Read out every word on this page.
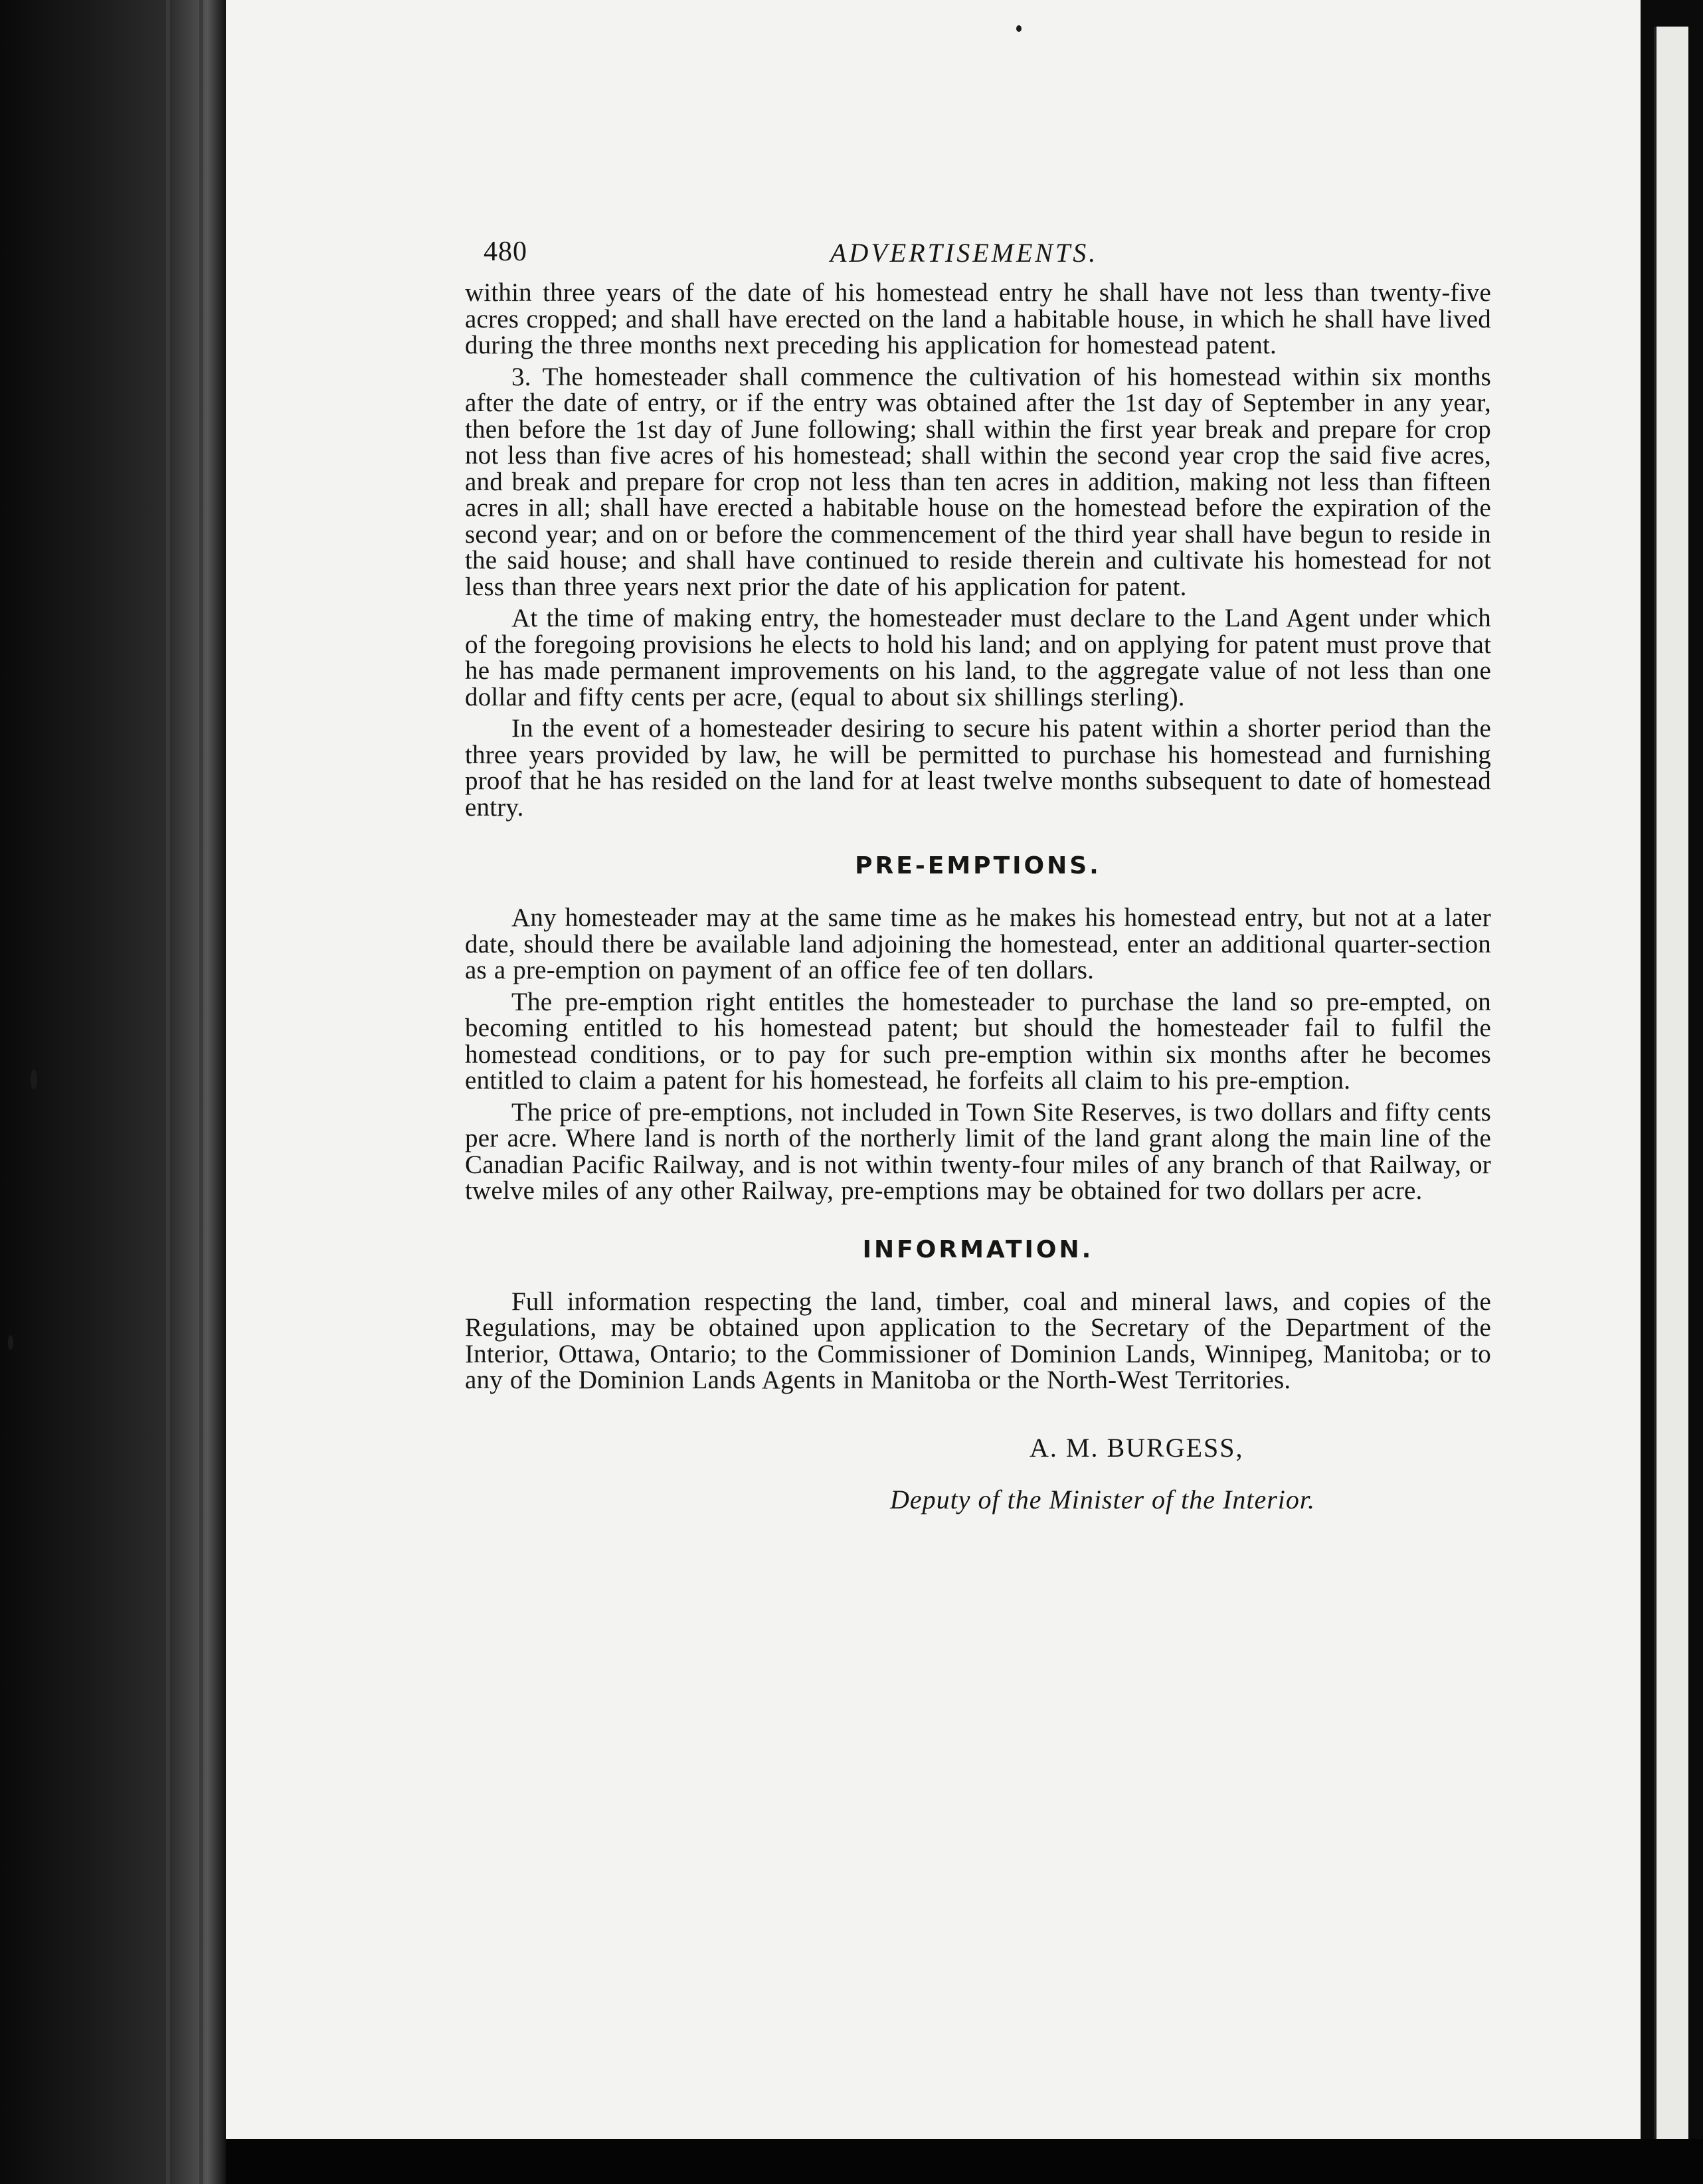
480	ADVERTISEMENTS.

within three years of the date of his homestead entry he shall have not less than twenty-five acres cropped; and shall have erected on the land a habitable house, in which he shall have lived during the three months next preceding his application for homestead patent.

3. The homesteader shall commence the cultivation of his homestead within six months after the date of entry, or if the entry was obtained after the 1st day of September in any year, then before the 1st day of June following; shall within the first year break and prepare for crop not less than five acres of his homestead; shall within the second year crop the said five acres, and break and prepare for crop not less than ten acres in addition, making not less than fifteen acres in all; shall have erected a habitable house on the homestead before the expiration of the second year; and on or before the commencement of the third year shall have begun to reside in the said house; and shall have continued to reside therein and cultivate his homestead for not less than three years next prior the date of his application for patent.

At the time of making entry, the homesteader must declare to the Land Agent under which of the foregoing provisions he elects to hold his land; and on applying for patent must prove that he has made permanent improvements on his land, to the aggregate value of not less than one dollar and fifty cents per acre, (equal to about six shillings sterling).

In the event of a homesteader desiring to secure his patent within a shorter period than the three years provided by law, he will be permitted to purchase his homestead and furnishing proof that he has resided on the land for at least twelve months subsequent to date of homestead entry.

PRE-EMPTIONS.

Any homesteader may at the same time as he makes his homestead entry, but not at a later date, should there be available land adjoining the homestead, enter an additional quarter-section as a pre-emption on payment of an office fee of ten dollars.

The pre-emption right entitles the homesteader to purchase the land so pre-empted, on becoming entitled to his homestead patent; but should the homesteader fail to fulfil the homestead conditions, or to pay for such pre-emption within six months after he becomes entitled to claim a patent for his homestead, he forfeits all claim to his pre-emption.

The price of pre-emptions, not included in Town Site Reserves, is two dollars and fifty cents per acre. Where land is north of the northerly limit of the land grant along the main line of the Canadian Pacific Railway, and is not within twenty-four miles of any branch of that Railway, or twelve miles of any other Railway, pre-emptions may be obtained for two dollars per acre.

INFORMATION.

Full information respecting the land, timber, coal and mineral laws, and copies of the Regulations, may be obtained upon application to the Secretary of the Department of the Interior, Ottawa, Ontario; to the Commissioner of Dominion Lands, Winnipeg, Manitoba; or to any of the Dominion Lands Agents in Manitoba or the North-West Territories.

A. M. BURGESS,
Deputy of the Minister of the Interior.
